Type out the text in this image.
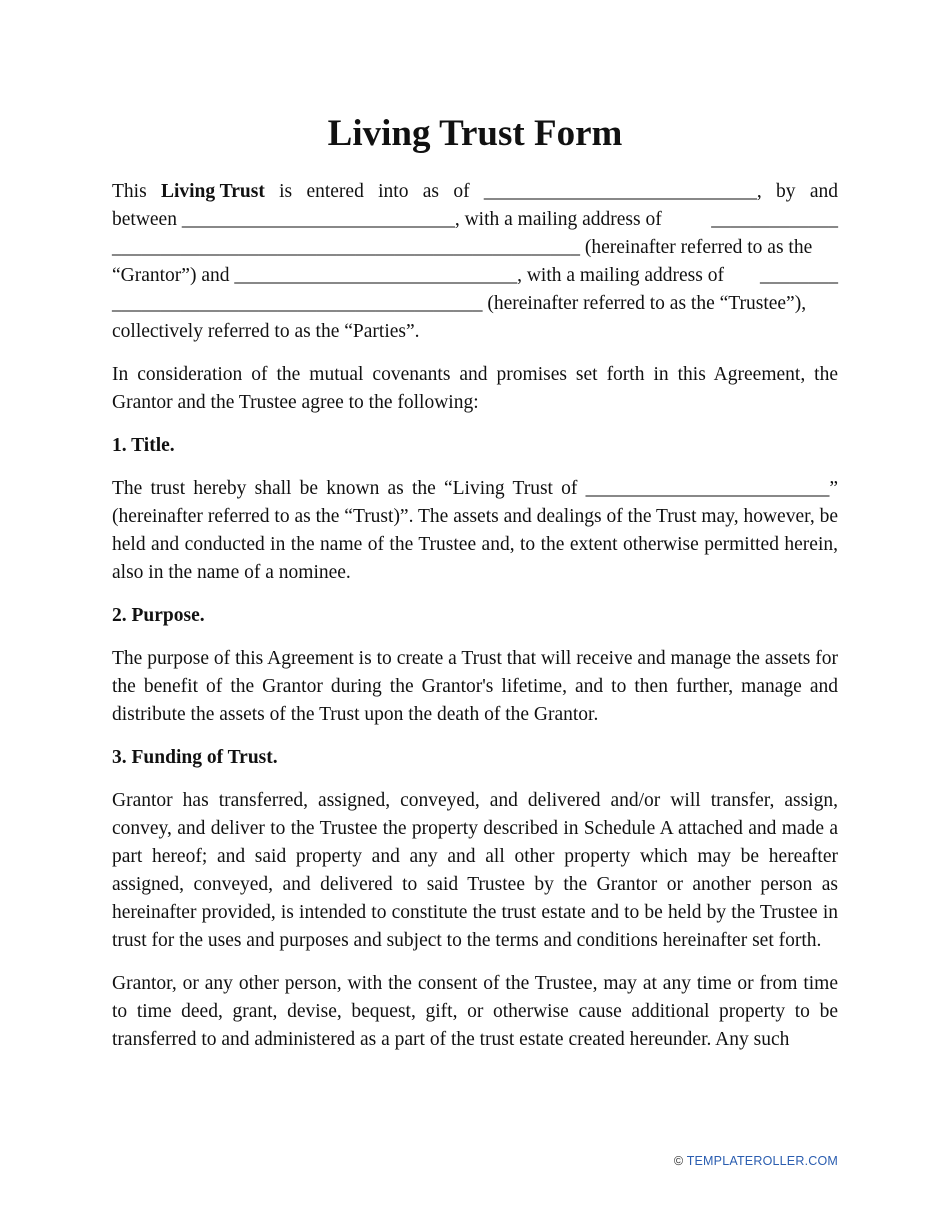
Living Trust Form
This Living Trust is entered into as of ____________________________, by and
between ____________________________, with a mailing address of	_____________
________________________________________________ (hereinafter referred to as the
“Grantor”) and _____________________________, with a mailing address of ________
______________________________________ (hereinafter referred to as the “Trustee”),
collectively referred to as the “Parties”.

In consideration of the mutual covenants and promises set forth in this Agreement, the Grantor and the Trustee agree to the following:

1. Title.

The trust hereby shall be known as the “Living Trust of _________________________” (hereinafter referred to as the “Trust)”. The assets and dealings of the Trust may, however, be held and conducted in the name of the Trustee and, to the extent otherwise permitted herein, also in the name of a nominee.

2. Purpose.

The purpose of this Agreement is to create a Trust that will receive and manage the assets for the benefit of the Grantor during the Grantor's lifetime, and to then further, manage and distribute the assets of the Trust upon the death of the Grantor.

3. Funding of Trust.

Grantor has transferred, assigned, conveyed, and delivered and/or will transfer, assign, convey, and deliver to the Trustee the property described in Schedule A attached and made a part hereof; and said property and any and all other property which may be hereafter assigned, conveyed, and delivered to said Trustee by the Grantor or another person as hereinafter provided, is intended to constitute the trust estate and to be held by the Trustee in trust for the uses and purposes and subject to the terms and conditions hereinafter set forth.

Grantor, or any other person, with the consent of the Trustee, may at any time or from time to time deed, grant, devise, bequest, gift, or otherwise cause additional property to be transferred to and administered as a part of the trust estate created hereunder. Any such

© TEMPLATEROLLER.COM
